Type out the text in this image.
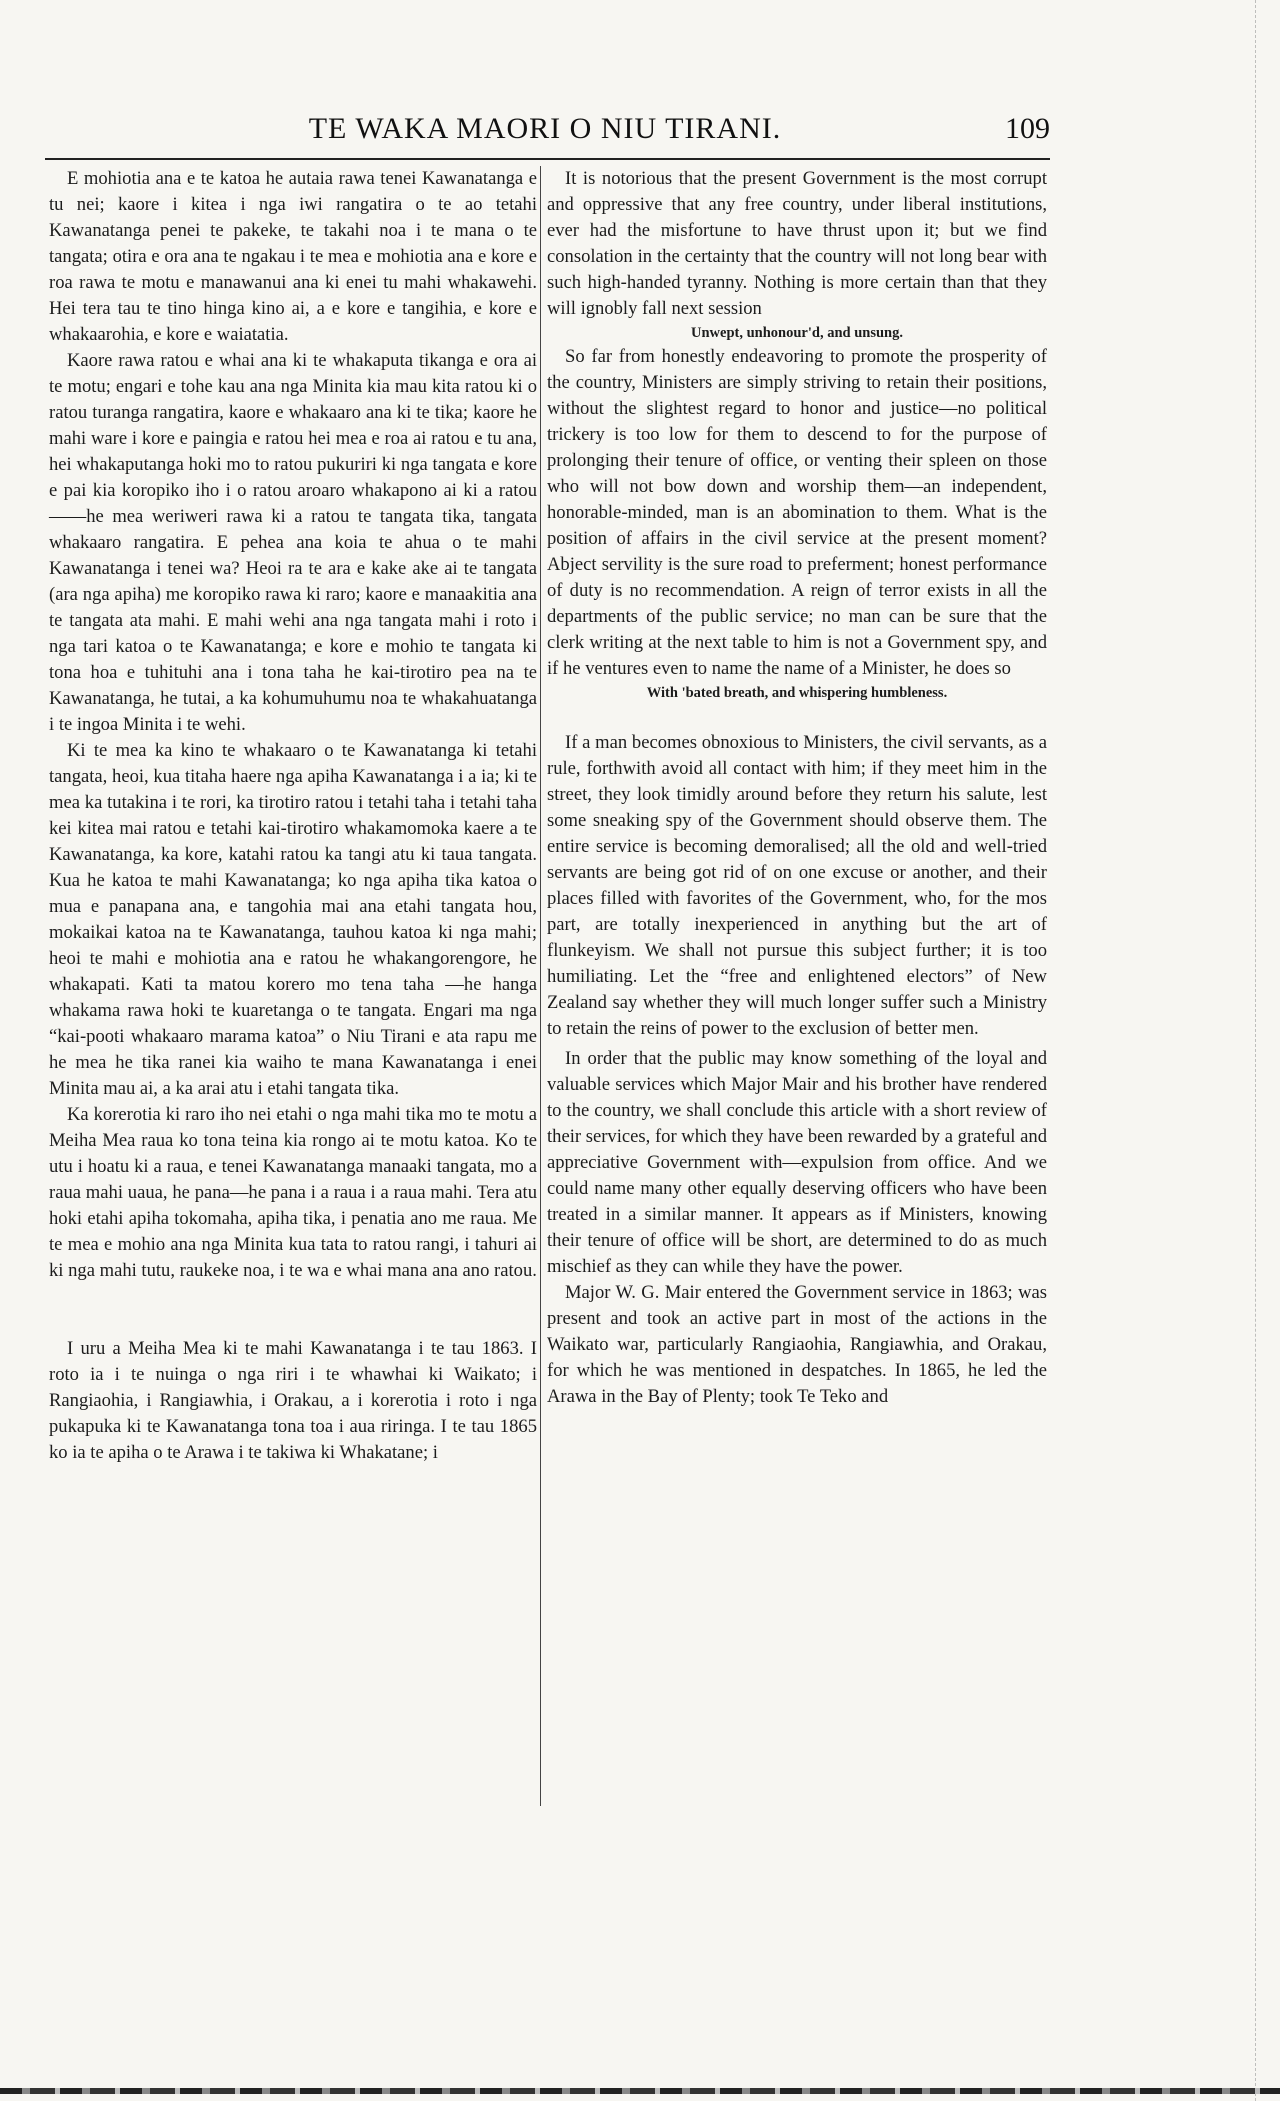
TE WAKA MAORI O NIU TIRANI.	109

E mohiotia ana e te katoa he autaia rawa tenei Kawanatanga e tu nei; kaore i kitea i nga iwi rangatira o te ao tetahi Kawanatanga penei te pakeke, te takahi noa i te mana o te tangata; otira e ora ana te ngakau i te mea e mohiotia ana e kore e roa rawa te motu e manawanui ana ki enei tu mahi whakawehi. Hei tera tau te tino hinga kino ai, a e kore e tangihia, e kore e whakaarohia, e kore e waiatatia.

Kaore rawa ratou e whai ana ki te whakaputa tikanga e ora ai te motu; engari e tohe kau ana nga Minita kia mau kita ratou ki o ratou turanga rangatira, kaore e whakaaro ana ki te tika; kaore he mahi ware i kore e paingia e ratou hei mea e roa ai ratou e tu ana, hei whakaputanga hoki mo to ratou pukuriri ki nga tangata e kore e pai kia koropiko iho i o ratou aroaro whakapono ai ki a ratou——he mea weriweri rawa ki a ratou te tangata tika, tangata whakaaro rangatira. E pehea ana koia te ahua o te mahi Kawanatanga i tenei wa? Heoi ra te ara e kake ake ai te tangata (ara nga apiha) me koropiko rawa ki raro; kaore e manaakitia ana te tangata ata mahi. E mahi wehi ana nga tangata mahi i roto i nga tari katoa o te Kawanatanga; e kore e mohio te tangata ki tona hoa e tuhituhi ana i tona taha he kai-tirotiro pea na te Kawanatanga, he tutai, a ka kohumuhumu noa te whakahuatanga i te ingoa Minita i te wehi.

Ki te mea ka kino te whakaaro o te Kawanatanga ki tetahi tangata, heoi, kua titaha haere nga apiha Kawanatanga i a ia; ki te mea ka tutakina i te rori, ka tirotiro ratou i tetahi taha i tetahi taha kei kitea mai ratou e tetahi kai-tirotiro whakamomoka kaere a te Kawanatanga, ka kore, katahi ratou ka tangi atu ki taua tangata. Kua he katoa te mahi Kawanatanga; ko nga apiha tika katoa o mua e panapana ana, e tangohia mai ana etahi tangata hou, mokaikai katoa na te Kawanatanga, tauhou katoa ki nga mahi; heoi te mahi e mohiotia ana e ratou he whakangorengore, he whakapati. Kati ta matou korero mo tena taha —he hanga whakama rawa hoki te kuaretanga o te tangata. Engari ma nga “kai-pooti whakaaro marama katoa” o Niu Tirani e ata rapu me he mea he tika ranei kia waiho te mana Kawanatanga i enei Minita mau ai, a ka arai atu i etahi tangata tika.

Ka korerotia ki raro iho nei etahi o nga mahi tika mo te motu a Meiha Mea raua ko tona teina kia rongo ai te motu katoa. Ko te utu i hoatu ki a raua, e tenei Kawanatanga manaaki tangata, mo a raua mahi uaua, he pana—he pana i a raua i a raua mahi. Tera atu hoki etahi apiha tokomaha, apiha tika, i penatia ano me raua. Me te mea e mohio ana nga Minita kua tata to ratou rangi, i tahuri ai ki nga mahi tutu, raukeke noa, i te wa e whai mana ana ano ratou.

I uru a Meiha Mea ki te mahi Kawanatanga i te tau 1863. I roto ia i te nuinga o nga riri i te whawhai ki Waikato; i Rangiaohia, i Rangiawhia, i Orakau, a i korerotia i roto i nga pukapuka ki te Kawanatanga tona toa i aua riringa. I te tau 1865 ko ia te apiha o te Arawa i te takiwa ki Whakatane; i

It is notorious that the present Government is the most corrupt and oppressive that any free country, under liberal institutions, ever had the misfortune to have thrust upon it; but we find consolation in the certainty that the country will not long bear with such high-handed tyranny. Nothing is more certain than that they will ignobly fall next session

Unwept, unhonour'd, and unsung.

So far from honestly endeavoring to promote the prosperity of the country, Ministers are simply striving to retain their positions, without the slightest regard to honor and justice—no political trickery is too low for them to descend to for the purpose of prolonging their tenure of office, or venting their spleen on those who will not bow down and worship them—an independent, honorable-minded, man is an abomination to them. What is the position of affairs in the civil service at the present moment? Abject servility is the sure road to preferment; honest performance of duty is no recommendation. A reign of terror exists in all the departments of the public service; no man can be sure that the clerk writing at the next table to him is not a Government spy, and if he ventures even to name the name of a Minister, he does so

With 'bated breath, and whispering humbleness.

If a man becomes obnoxious to Ministers, the civil servants, as a rule, forthwith avoid all contact with him; if they meet him in the street, they look timidly around before they return his salute, lest some sneaking spy of the Government should observe them. The entire service is becoming demoralised; all the old and well-tried servants are being got rid of on one excuse or another, and their places filled with favorites of the Government, who, for the mos part, are totally inexperienced in anything but the art of flunkeyism. We shall not pursue this subject further; it is too humiliating. Let the “free and enlightened electors” of New Zealand say whether they will much longer suffer such a Ministry to retain the reins of power to the exclusion of better men.

In order that the public may know something of the loyal and valuable services which Major Mair and his brother have rendered to the country, we shall conclude this article with a short review of their services, for which they have been rewarded by a grateful and appreciative Government with—expulsion from office. And we could name many other equally deserving officers who have been treated in a similar manner. It appears as if Ministers, knowing their tenure of office will be short, are determined to do as much mischief as they can while they have the power.

Major W. G. Mair entered the Government service in 1863; was present and took an active part in most of the actions in the Waikato war, particularly Rangiaohia, Rangiawhia, and Orakau, for which he was mentioned in despatches. In 1865, he led the Arawa in the Bay of Plenty; took Te Teko and
